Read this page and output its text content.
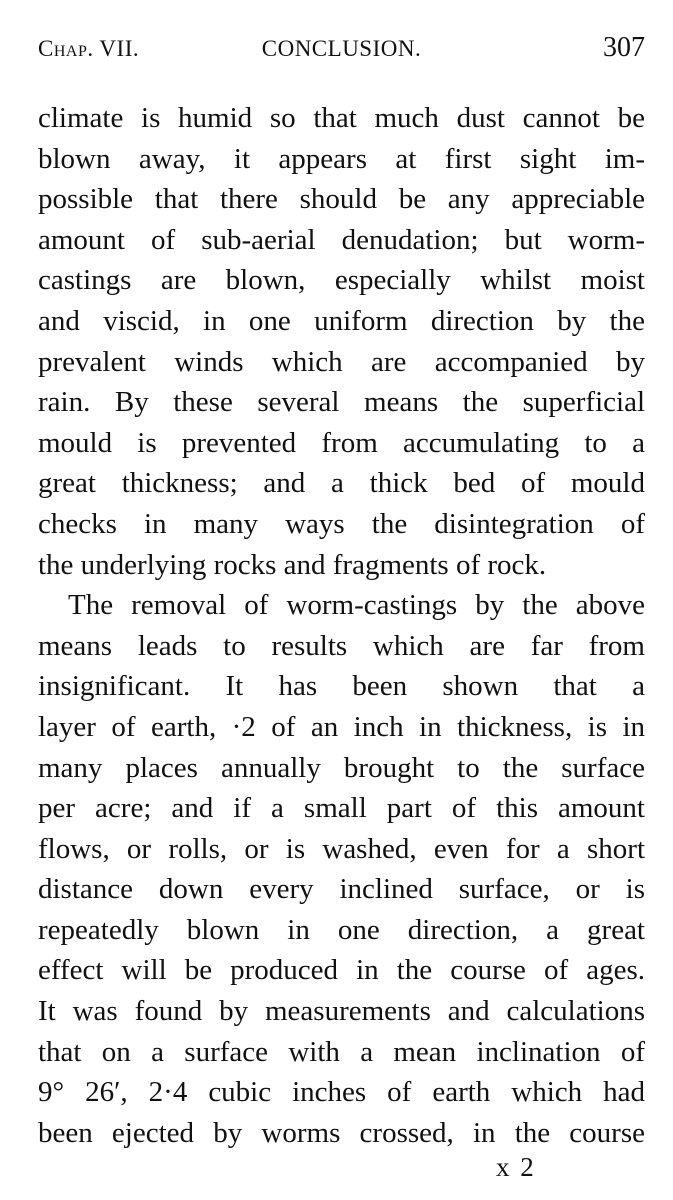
Chap. VII.	CONCLUSION.	307
climate is humid so that much dust cannot be
blown away, it appears at first sight im-
possible that there should be any appreciable
amount of sub-aerial denudation; but worm-
castings are blown, especially whilst moist
and viscid, in one uniform direction by the
prevalent winds which are accompanied by
rain. By these several means the superficial
mould is prevented from accumulating to a
great thickness; and a thick bed of mould
checks in many ways the disintegration of
the underlying rocks and fragments of rock.
The removal of worm-castings by the above
means leads to results which are far from
insignificant. It has been shown that a
layer of earth, ·2 of an inch in thickness, is in
many places annually brought to the surface
per acre; and if a small part of this amount
flows, or rolls, or is washed, even for a short
distance down every inclined surface, or is
repeatedly blown in one direction, a great
effect will be produced in the course of ages.
It was found by measurements and calculations
that on a surface with a mean inclination of
9° 26′, 2·4 cubic inches of earth which had
been ejected by worms crossed, in the course
x 2
